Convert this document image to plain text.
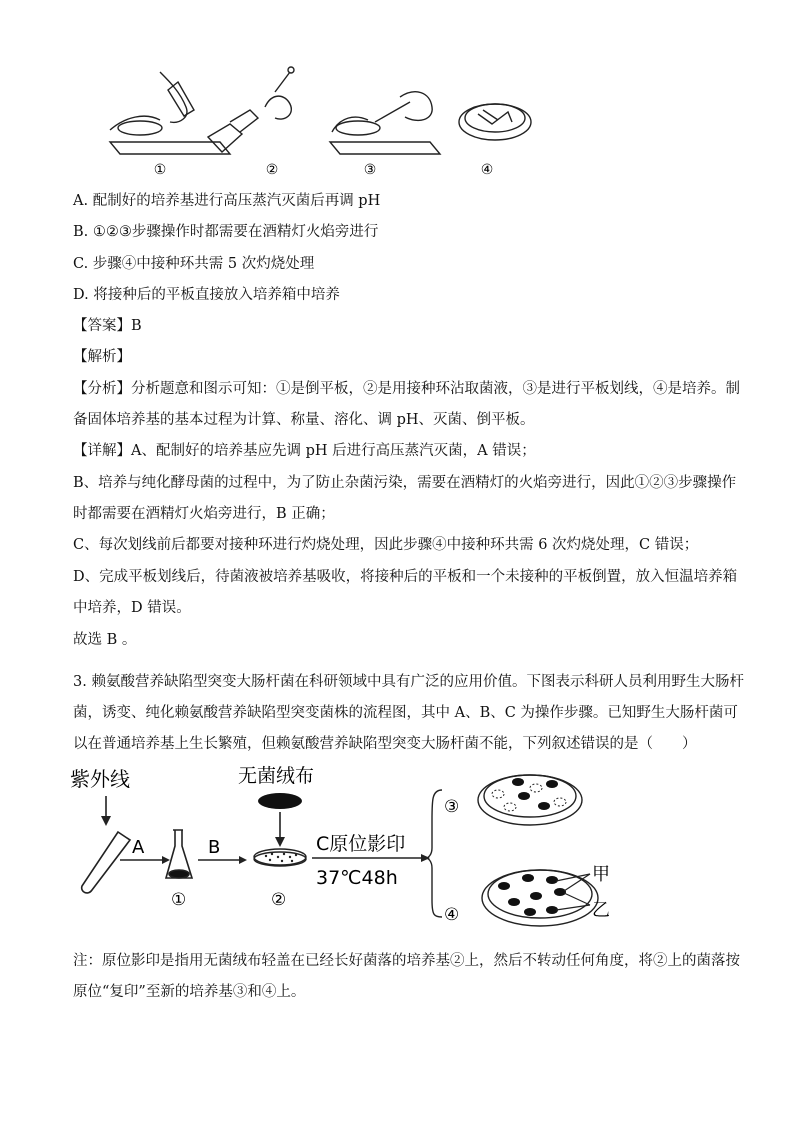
①	②	③	④
A. 配制好的培养基进行高压蒸汽灭菌后再调 pH
B. ①②③步骤操作时都需要在酒精灯火焰旁进行
C. 步骤④中接种环共需 5 次灼烧处理
D. 将接种后的平板直接放入培养箱中培养
【答案】B
【解析】
【分析】分析题意和图示可知：①是倒平板，②是用接种环沾取菌液，③是进行平板划线，④是培养。制
备固体培养基的基本过程为计算、称量、溶化、调 pH、灭菌、倒平板。
【详解】A、配制好的培养基应先调 pH 后进行高压蒸汽灭菌，A 错误；
B、培养与纯化酵母菌的过程中，为了防止杂菌污染，需要在酒精灯的火焰旁进行，因此①②③步骤操作
时都需要在酒精灯火焰旁进行，B 正确；
C、每次划线前后都要对接种环进行灼烧处理，因此步骤④中接种环共需 6 次灼烧处理，C 错误；
D、完成平板划线后，待菌液被培养基吸收，将接种后的平板和一个未接种的平板倒置，放入恒温培养箱
中培养，D 错误。
故选 B 。
3. 赖氨酸营养缺陷型突变大肠杆菌在科研领域中具有广泛的应用价值。下图表示科研人员利用野生大肠杆
菌，诱变、纯化赖氨酸营养缺陷型突变菌株的流程图，其中 A、B、C 为操作步骤。已知野生大肠杆菌可
以在普通培养基上生长繁殖，但赖氨酸营养缺陷型突变大肠杆菌不能，下列叙述错误的是（　　）
紫外线
A
①
B
无菌绒布
②
C原位影印
37℃48h
③
④
甲
乙
注：原位影印是指用无菌绒布轻盖在已经长好菌落的培养基②上，然后不转动任何角度，将②上的菌落按
原位“复印”至新的培养基③和④上。
